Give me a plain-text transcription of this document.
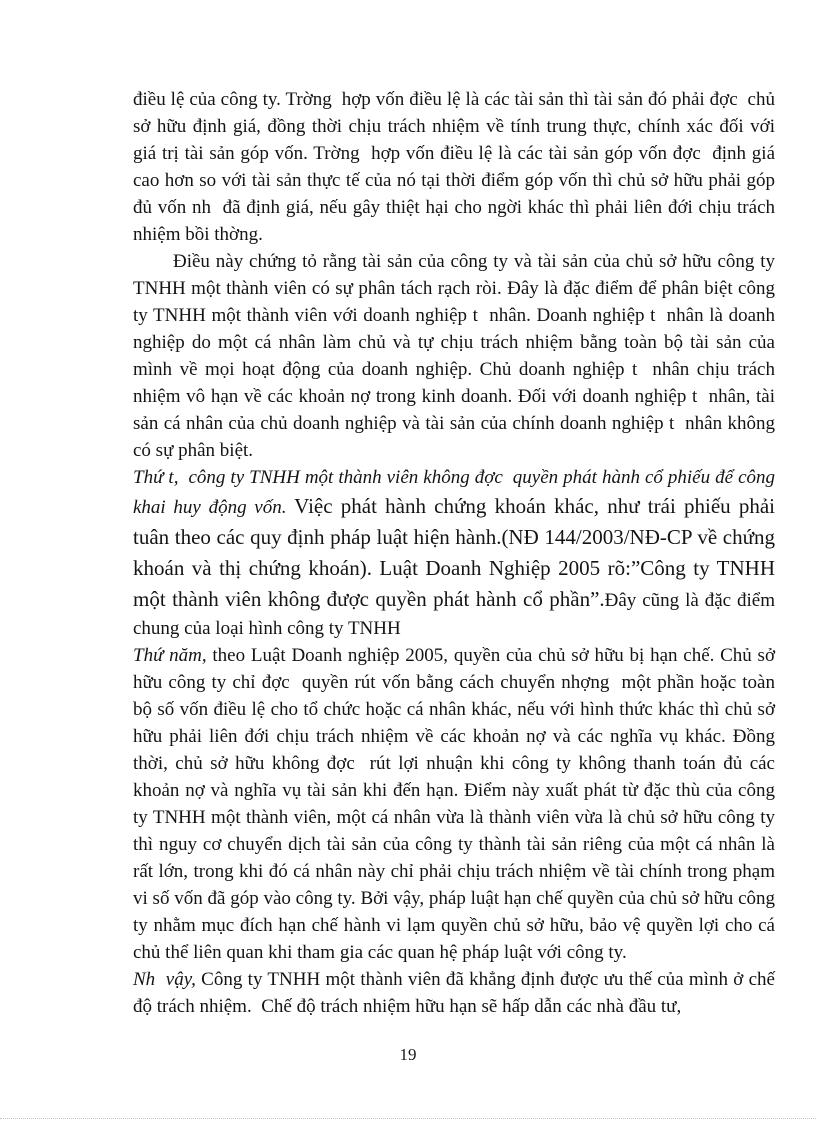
điều lệ của công ty. Trờng  hợp vốn điều lệ là các tài sản thì tài sản đó phải đợc  chủ sở hữu định giá, đồng thời chịu trách nhiệm về tính trung thực, chính xác đối với giá trị tài sản góp vốn. Trờng  hợp vốn điều lệ là các tài sản góp vốn đợc  định giá cao hơn so với tài sản thực tế của nó tại thời điểm góp vốn thì chủ sở hữu phải góp đủ vốn nh  đã định giá, nếu gây thiệt hại cho ngời khác thì phải liên đới chịu trách nhiệm bồi thờng.

Điều này chứng tỏ rằng tài sản của công ty và tài sản của chủ sở hữu công ty TNHH một thành viên có sự phân tách rạch ròi. Đây là đặc điểm để phân biệt công ty TNHH một thành viên với doanh nghiệp t  nhân. Doanh nghiệp t  nhân là doanh nghiệp do một cá nhân làm chủ và tự chịu trách nhiệm bằng toàn bộ tài sản của mình về mọi hoạt động của doanh nghiệp. Chủ doanh nghiệp t  nhân chịu trách nhiệm vô hạn về các khoản nợ trong kinh doanh. Đối với doanh nghiệp t  nhân, tài sản cá nhân của chủ doanh nghiệp và tài sản của chính doanh nghiệp t  nhân không có sự phân biệt.

Thứ t,  công ty TNHH một thành viên không đợc  quyền phát hành cổ phiếu để công khai huy động vốn. Việc phát hành chứng khoán khác, như trái phiếu phải tuân theo các quy định pháp luật hiện hành.(NĐ 144/2003/NĐ-CP về chứng khoán và thị chứng khoán). Luật Doanh Nghiệp 2005 rõ:”Công ty TNHH một thành viên không được quyền phát hành cổ phần”.Đây cũng là đặc điểm chung của loại hình công ty TNHH

Thứ năm, theo Luật Doanh nghiệp 2005, quyền của chủ sở hữu bị hạn chế. Chủ sở hữu công ty chỉ đợc  quyền rút vốn bằng cách chuyển nhợng  một phần hoặc toàn bộ số vốn điều lệ cho tổ chức hoặc cá nhân khác, nếu với hình thức khác thì chủ sở hữu phải liên đới chịu trách nhiệm về các khoản nợ và các nghĩa vụ khác. Đồng thời, chủ sở hữu không đợc  rút lợi nhuận khi công ty không thanh toán đủ các khoản nợ và nghĩa vụ tài sản khi đến hạn. Điểm này xuất phát từ đặc thù của công ty TNHH một thành viên, một cá nhân vừa là thành viên vừa là chủ sở hữu công ty thì nguy cơ chuyển dịch tài sản của công ty thành tài sản riêng của một cá nhân là rất lớn, trong khi đó cá nhân này chỉ phải chịu trách nhiệm về tài chính trong phạm vi số vốn đã góp vào công ty. Bởi vậy, pháp luật hạn chế quyền của chủ sở hữu công ty nhằm mục đích hạn chế hành vi lạm quyền chủ sở hữu, bảo vệ quyền lợi cho cá chủ thể liên quan khi tham gia các quan hệ pháp luật với công ty.

Nh  vậy, Công ty TNHH một thành viên đã khẳng định được ưu thế của mình ở chế độ trách nhiệm.  Chế độ trách nhiệm hữu hạn sẽ hấp dẫn các nhà đầu tư,

19
